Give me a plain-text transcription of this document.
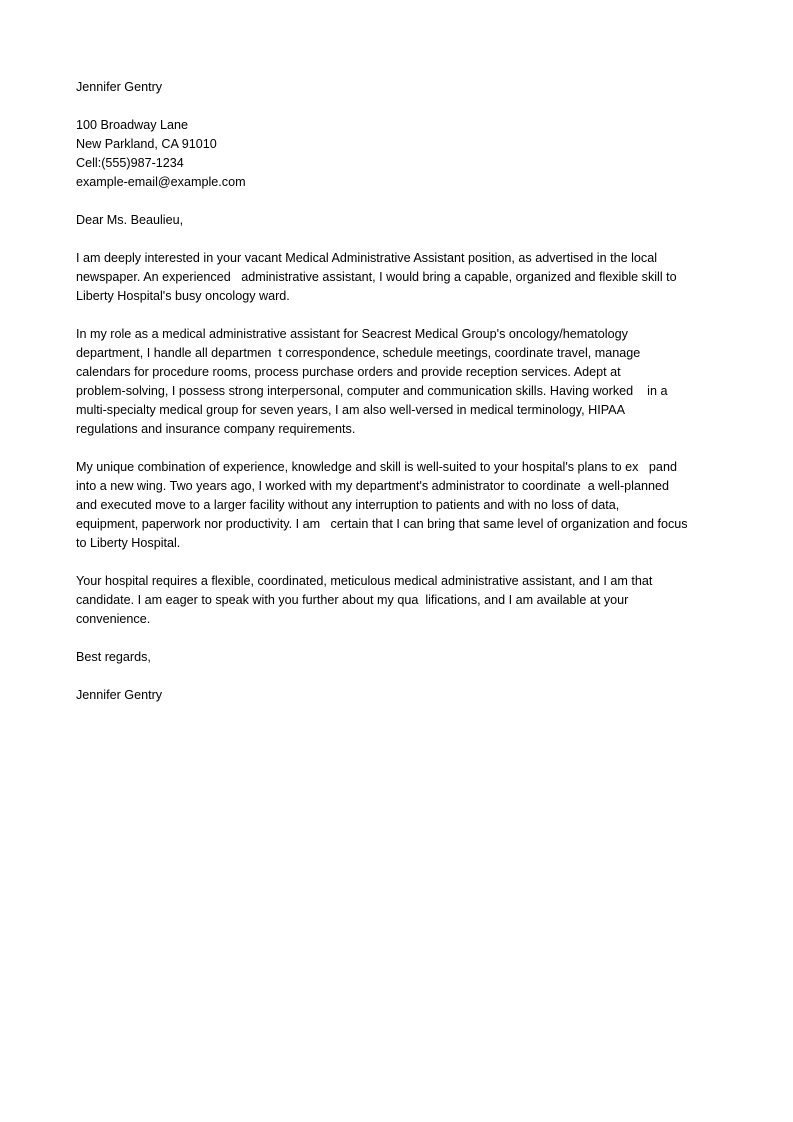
Jennifer Gentry
100 Broadway Lane
New Parkland, CA 91010
Cell:(555)987-1234
example-email@example.com
Dear Ms. Beaulieu,
I am deeply interested in your vacant Medical Administrative Assistant position, as advertised in the local
newspaper. An experienced   administrative assistant, I would bring a capable, organized and flexible skill to
Liberty Hospital's busy oncology ward.
In my role as a medical administrative assistant for Seacrest Medical Group's oncology/hematology
department, I handle all departmen  t correspondence, schedule meetings, coordinate travel, manage
calendars for procedure rooms, process purchase orders and provide reception services. Adept at
problem-solving, I possess strong interpersonal, computer and communication skills. Having worked    in a
multi-specialty medical group for seven years, I am also well-versed in medical terminology, HIPAA
regulations and insurance company requirements.
My unique combination of experience, knowledge and skill is well-suited to your hospital's plans to ex   pand
into a new wing. Two years ago, I worked with my department's administrator to coordinate  a well-planned
and executed move to a larger facility without any interruption to patients and with no loss of data,
equipment, paperwork nor productivity. I am   certain that I can bring that same level of organization and focus
to Liberty Hospital.
Your hospital requires a flexible, coordinated, meticulous medical administrative assistant, and I am that
candidate. I am eager to speak with you further about my qua  lifications, and I am available at your
convenience.
Best regards,
Jennifer Gentry
